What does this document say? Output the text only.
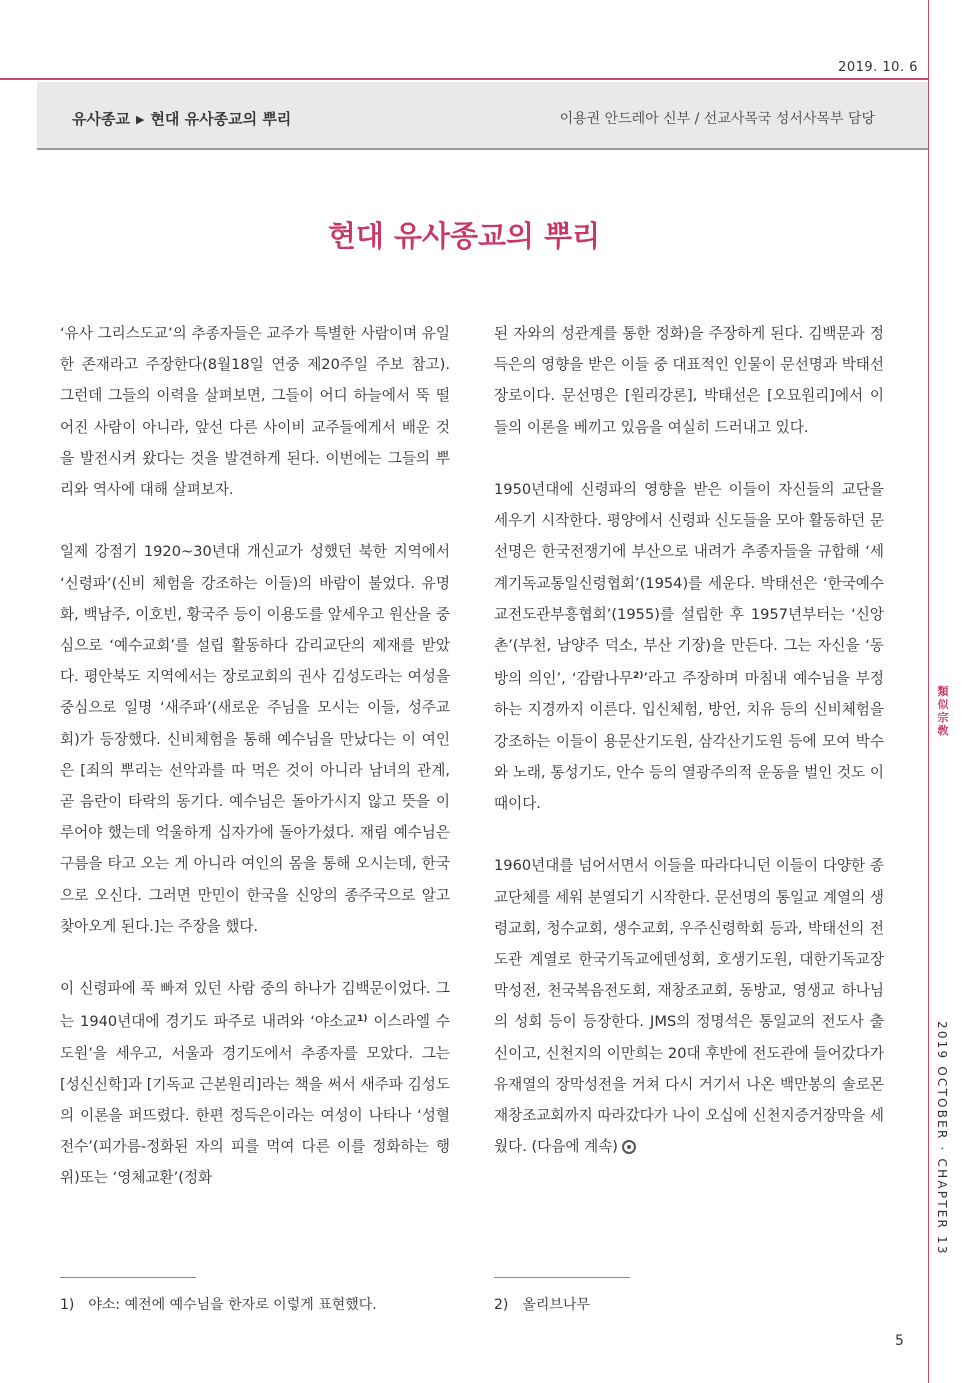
2019. 10. 6
유사종교 ▶ 현대 유사종교의 뿌리	이용권 안드레아 신부 / 선교사목국 성서사목부 담당
현대 유사종교의 뿌리

‘유사 그리스도교’의 추종자들은 교주가 특별한 사람이며 유일한 존재라고 주장한다(8월18일 연중 제20주일 주보 참고). 그런데 그들의 이력을 살펴보면, 그들이 어디 하늘에서 뚝 떨어진 사람이 아니라, 앞선 다른 사이비 교주들에게서 배운 것을 발전시켜 왔다는 것을 발견하게 된다. 이번에는 그들의 뿌리와 역사에 대해 살펴보자.

일제 강점기 1920~30년대 개신교가 성했던 북한 지역에서 ‘신령파’(신비 체험을 강조하는 이들)의 바람이 불었다. 유명화, 백남주, 이호빈, 황국주 등이 이용도를 앞세우고 원산을 중심으로 ‘예수교회’를 설립 활동하다 감리교단의 제재를 받았다. 평안북도 지역에서는 장로교회의 권사 김성도라는 여성을 중심으로 일명 ‘새주파’(새로운 주님을 모시는 이들, 성주교회)가 등장했다. 신비체험을 통해 예수님을 만났다는 이 여인은 [죄의 뿌리는 선악과를 따 먹은 것이 아니라 남녀의 관계, 곧 음란이 타락의 동기다. 예수님은 돌아가시지 않고 뜻을 이루어야 했는데 억울하게 십자가에 돌아가셨다. 재림 예수님은 구름을 타고 오는 게 아니라 여인의 몸을 통해 오시는데, 한국으로 오신다. 그러면 만민이 한국을 신앙의 종주국으로 알고 찾아오게 된다.]는 주장을 했다.

이 신령파에 푹 빠져 있던 사람 중의 하나가 김백문이었다. 그는 1940년대에 경기도 파주로 내려와 ‘야소교$^{1)}$ 이스라엘 수도원’을 세우고, 서울과 경기도에서 추종자를 모았다. 그는 [성신신학]과 [기독교 근본원리]라는 책을 써서 새주파 김성도의 이론을 퍼뜨렸다. 한편 정득은이라는 여성이 나타나 ‘성혈전수’(피가름-정화된 자의 피를 먹여 다른 이를 정화하는 행위)또는 ‘영체교환’(정화

된 자와의 성관계를 통한 정화)을 주장하게 된다. 김백문과 정득은의 영향을 받은 이들 중 대표적인 인물이 문선명과 박태선 장로이다. 문선명은 [원리강론], 박태선은 [오묘원리]에서 이들의 이론을 베끼고 있음을 여실히 드러내고 있다.

1950년대에 신령파의 영향을 받은 이들이 자신들의 교단을 세우기 시작한다. 평양에서 신령파 신도들을 모아 활동하던 문선명은 한국전쟁기에 부산으로 내려가 추종자들을 규합해 ‘세계기독교통일신령협회’(1954)를 세운다. 박태선은 ‘한국예수교전도관부흥협회’(1955)를 설립한 후 1957년부터는 ‘신앙촌’(부천, 남양주 덕소, 부산 기장)을 만든다. 그는 자신을 ‘동방의 의인’, ‘감람나무$^{2)}$’라고 주장하며 마침내 예수님을 부정하는 지경까지 이른다. 입신체험, 방언, 치유 등의 신비체험을 강조하는 이들이 용문산기도원, 삼각산기도원 등에 모여 박수와 노래, 통성기도, 안수 등의 열광주의적 운동을 벌인 것도 이때이다.

1960년대를 넘어서면서 이들을 따라다니던 이들이 다양한 종교단체를 세워 분열되기 시작한다. 문선명의 통일교 계열의 생령교회, 청수교회, 생수교회, 우주신령학회 등과, 박태선의 전도관 계열로 한국기독교에덴성회, 호생기도원, 대한기독교장막성전, 천국복음전도회, 재창조교회, 동방교, 영생교 하나님의 성회 등이 등장한다. JMS의 정명석은 통일교의 전도사 출신이고, 신천지의 이만희는 20대 후반에 전도관에 들어갔다가 유재열의 장막성전을 거쳐 다시 거기서 나온 백만봉의 솔로몬 재창조교회까지 따라갔다가 나이 오십에 신천지증거장막을 세웠다. (다음에 계속)

1)　야소: 예전에 예수님을 한자로 이렇게 표현했다.	2)　올리브나무
類似宗敎
2019 OCTOBER · CHAPTER 13
5
